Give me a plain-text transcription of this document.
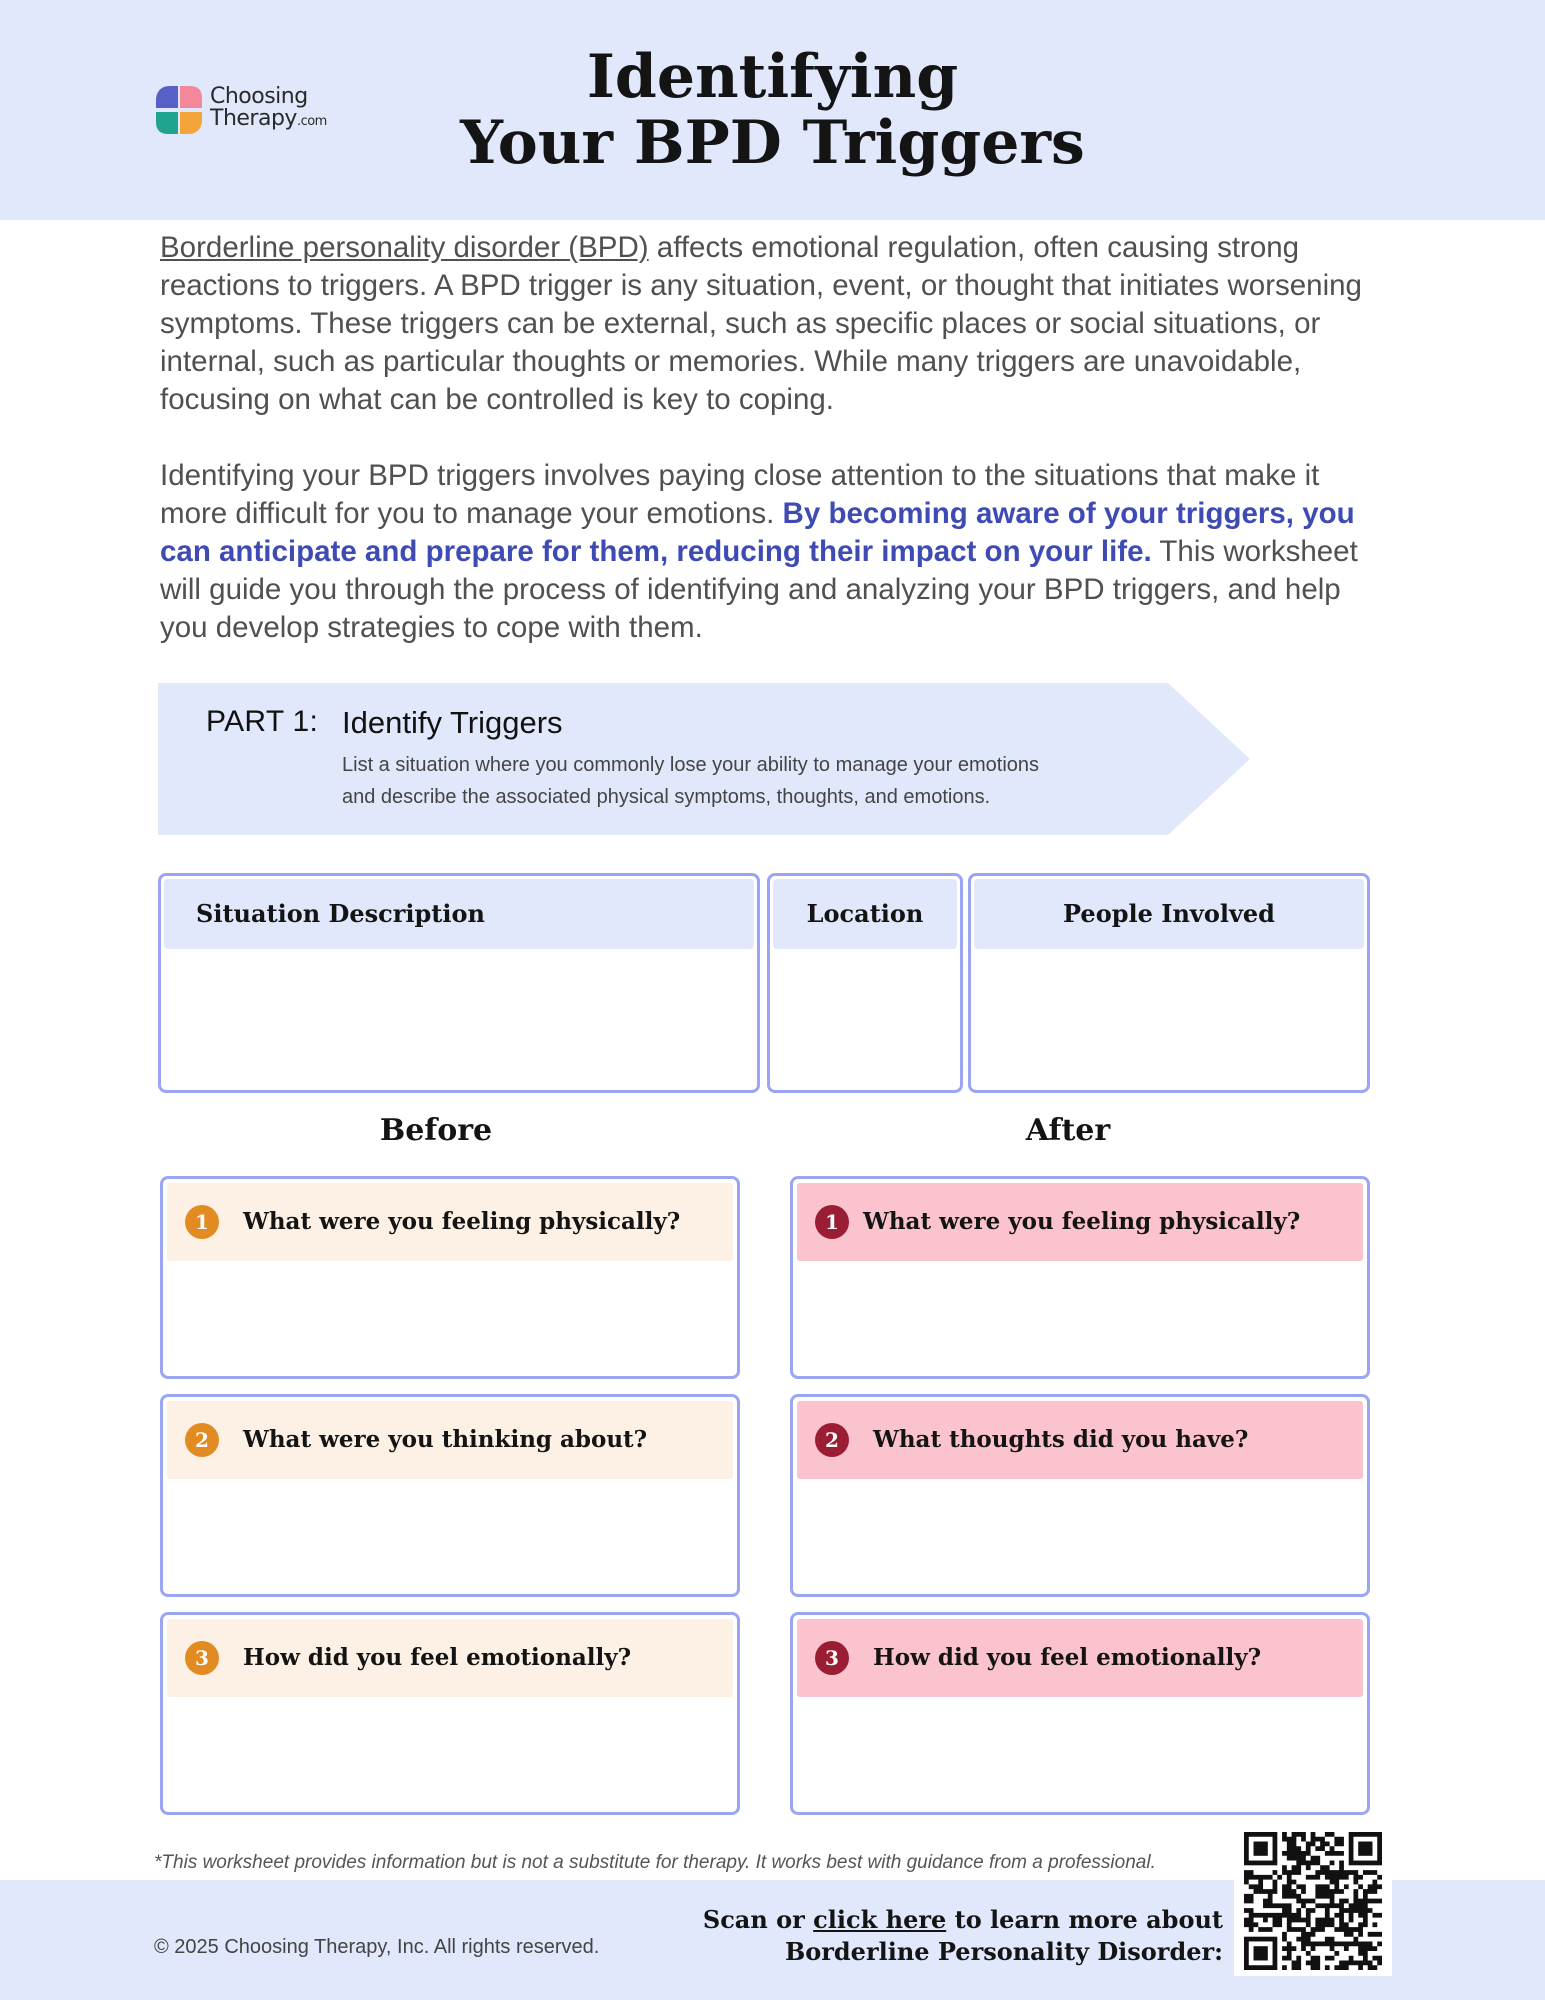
Choosing
Therapy.com
Identifying
Your BPD Triggers

Borderline personality disorder (BPD) affects emotional regulation, often causing strong reactions to triggers. A BPD trigger is any situation, event, or thought that initiates worsening symptoms. These triggers can be external, such as specific places or social situations, or internal, such as particular thoughts or memories. While many triggers are unavoidable, focusing on what can be controlled is key to coping.

Identifying your BPD triggers involves paying close attention to the situations that make it more difficult for you to manage your emotions. By becoming aware of your triggers, you can anticipate and prepare for them, reducing their impact on your life. This worksheet will guide you through the process of identifying and analyzing your BPD triggers, and help you develop strategies to cope with them.

PART 1: Identify Triggers
List a situation where you commonly lose your ability to manage your emotions
and describe the associated physical symptoms, thoughts, and emotions.
Situation Description	Location	People Involved
Before	After
1	What were you feeling physically?
2	What were you thinking about?
3	How did you feel emotionally?
1	What were you feeling physically?
2	What thoughts did you have?
3	How did you feel emotionally?
*This worksheet provides information but is not a substitute for therapy. It works best with guidance from a professional.
© 2025 Choosing Therapy, Inc. All rights reserved.
Scan or click here to learn more about
Borderline Personality Disorder:
